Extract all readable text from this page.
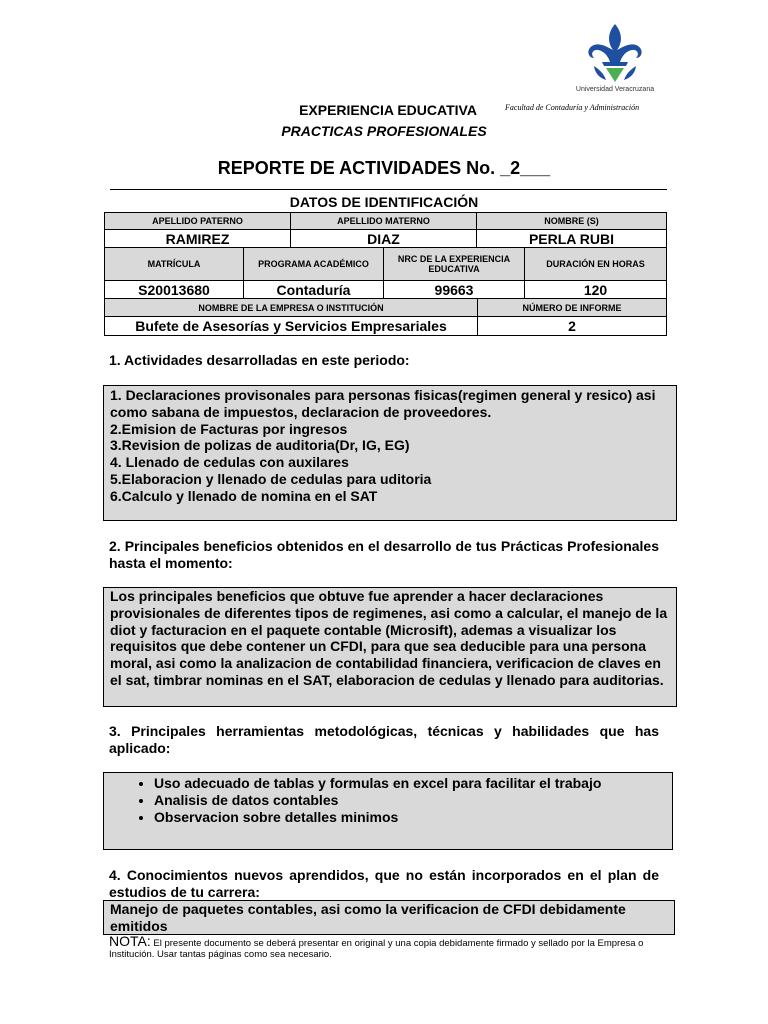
Universidad Veracruzana
Facultad de Contaduría y Administración
EXPERIENCIA EDUCATIVA
PRACTICAS PROFESIONALES
REPORTE DE ACTIVIDADES No. _2___
DATOS DE IDENTIFICACIÓN
APELLIDO PATERNO	APELLIDO MATERNO	NOMBRE (S)
RAMIREZ	DIAZ	PERLA RUBI
MATRÍCULA	PROGRAMA ACADÉMICO	NRC DE LA EXPERIENCIA EDUCATIVA	DURACIÓN EN HORAS
S20013680	Contaduría	99663	120
NOMBRE DE LA EMPRESA O INSTITUCIÓN	NÚMERO DE INFORME
Bufete de Asesorías y Servicios Empresariales	2
1. Actividades desarrolladas en este periodo:
1. Declaraciones provisonales para personas fisicas(regimen general y resico) asi como sabana de impuestos, declaracion de proveedores.
2.Emision de Facturas por ingresos
3.Revision de polizas de auditoria(Dr, IG, EG)
4. Llenado de cedulas con auxilares
5.Elaboracion y llenado de cedulas para uditoria
6.Calculo y llenado de nomina en el SAT
2. Principales beneficios obtenidos en el desarrollo de tus Prácticas Profesionales hasta el momento:
Los principales beneficios que obtuve fue aprender a hacer declaraciones provisionales de diferentes tipos de regimenes, asi como a calcular, el manejo de la diot y facturacion en el paquete contable (Microsift), ademas a visualizar los requisitos que debe contener un CFDI, para que sea deducible para una persona moral, asi como la analizacion de contabilidad financiera, verificacion de claves en el sat, timbrar nominas en el SAT, elaboracion de cedulas y llenado para auditorias.
3. Principales herramientas metodológicas, técnicas y habilidades que has aplicado:
• Uso adecuado de tablas y formulas en excel para facilitar el trabajo
• Analisis de datos contables
• Observacion sobre detalles minimos
4. Conocimientos nuevos aprendidos, que no están incorporados en el plan de estudios de tu carrera:
Manejo de paquetes contables, asi como la verificacion de CFDI debidamente emitidos
NOTA: El presente documento se deberá presentar en original y una copia debidamente firmado y sellado por la Empresa o Institución. Usar tantas páginas como sea necesario.
